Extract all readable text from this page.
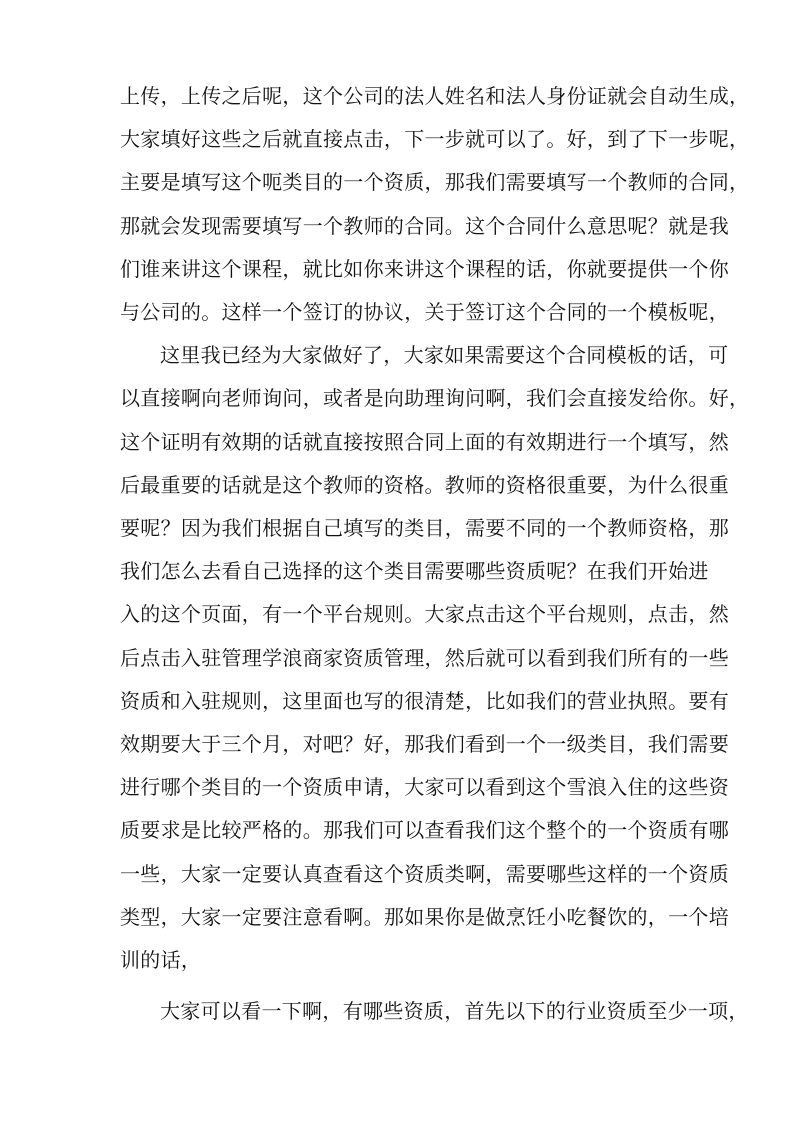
上传，上传之后呢，这个公司的法人姓名和法人身份证就会自动生成，
大家填好这些之后就直接点击，下一步就可以了。好，到了下一步呢，
主要是填写这个呃类目的一个资质，那我们需要填写一个教师的合同，
那就会发现需要填写一个教师的合同。这个合同什么意思呢？就是我
们谁来讲这个课程，就比如你来讲这个课程的话，你就要提供一个你
与公司的。这样一个签订的协议，关于签订这个合同的一个模板呢，
这里我已经为大家做好了，大家如果需要这个合同模板的话，可
以直接啊向老师询问，或者是向助理询问啊，我们会直接发给你。好，
这个证明有效期的话就直接按照合同上面的有效期进行一个填写，然
后最重要的话就是这个教师的资格。教师的资格很重要，为什么很重
要呢？因为我们根据自己填写的类目，需要不同的一个教师资格，那
我们怎么去看自己选择的这个类目需要哪些资质呢？在我们开始进
入的这个页面，有一个平台规则。大家点击这个平台规则，点击，然
后点击入驻管理学浪商家资质管理，然后就可以看到我们所有的一些
资质和入驻规则，这里面也写的很清楚，比如我们的营业执照。要有
效期要大于三个月，对吧？好，那我们看到一个一级类目，我们需要
进行哪个类目的一个资质申请，大家可以看到这个雪浪入住的这些资
质要求是比较严格的。那我们可以查看我们这个整个的一个资质有哪
一些，大家一定要认真查看这个资质类啊，需要哪些这样的一个资质
类型，大家一定要注意看啊。那如果你是做烹饪小吃餐饮的，一个培
训的话，
大家可以看一下啊，有哪些资质，首先以下的行业资质至少一项，
